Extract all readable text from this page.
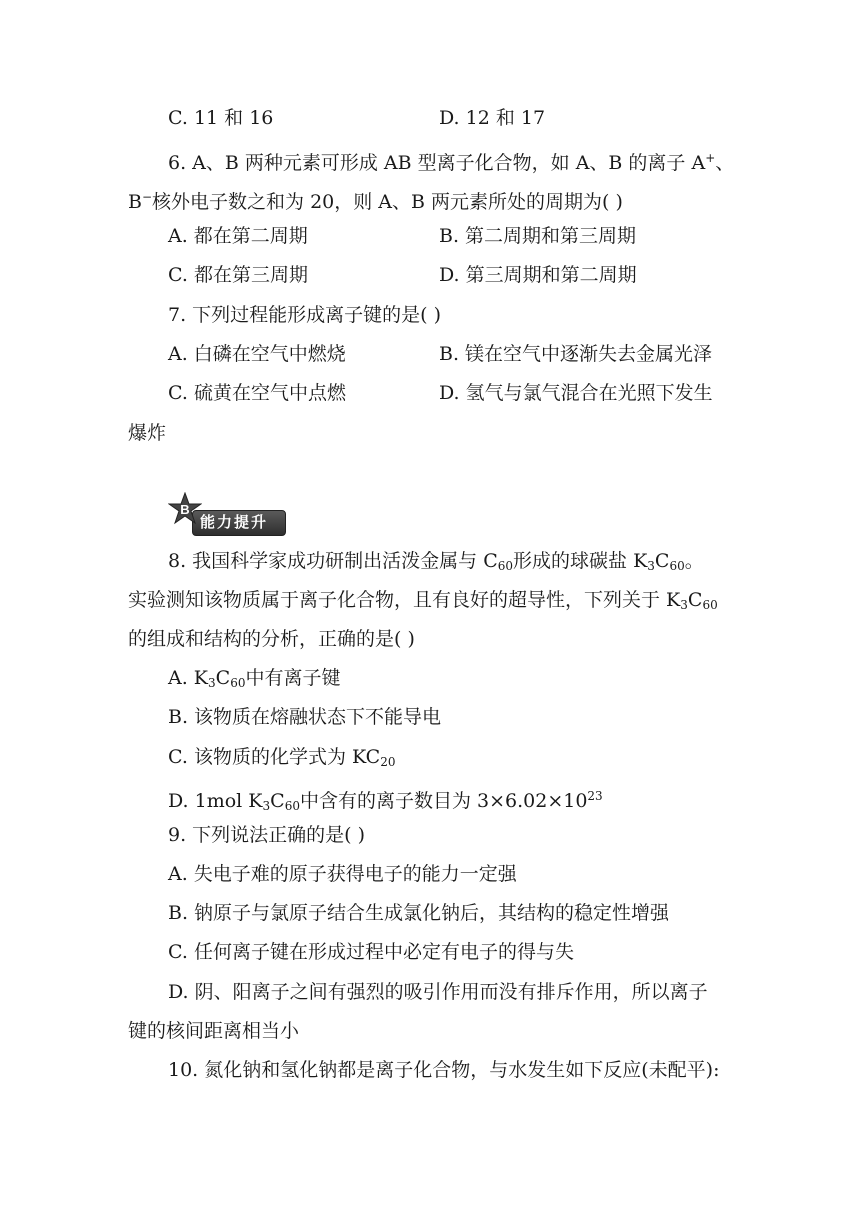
C. 11 和 16	D. 12 和 17
6. A、B 两种元素可形成 AB 型离子化合物，如 A、B 的离子 A+、
B−核外电子数之和为 20，则 A、B 两元素所处的周期为( )
A. 都在第二周期	B. 第二周期和第三周期
C. 都在第三周期	D. 第三周期和第二周期
7. 下列过程能形成离子键的是( )
A. 白磷在空气中燃烧	B. 镁在空气中逐渐失去金属光泽
C. 硫黄在空气中点燃	D. 氢气与氯气混合在光照下发生
爆炸
B
能力提升
8. 我国科学家成功研制出活泼金属与 $C_{60}$形成的球碳盐 $K_3C_{60}$。
实验测知该物质属于离子化合物，且有良好的超导性，下列关于 $K_3C_{60}$
的组成和结构的分析，正确的是( )
A. $K_3C_{60}$中有离子键
B. 该物质在熔融状态下不能导电
C. 该物质的化学式为 $KC_{20}$
D. 1mol $K_3C_{60}$中含有的离子数目为 $3\times 6.02\times 10^{23}$
9. 下列说法正确的是( )
A. 失电子难的原子获得电子的能力一定强
B. 钠原子与氯原子结合生成氯化钠后，其结构的稳定性增强
C. 任何离子键在形成过程中必定有电子的得与失
D. 阴、阳离子之间有强烈的吸引作用而没有排斥作用，所以离子
键的核间距离相当小
10. 氮化钠和氢化钠都是离子化合物，与水发生如下反应(未配平):
